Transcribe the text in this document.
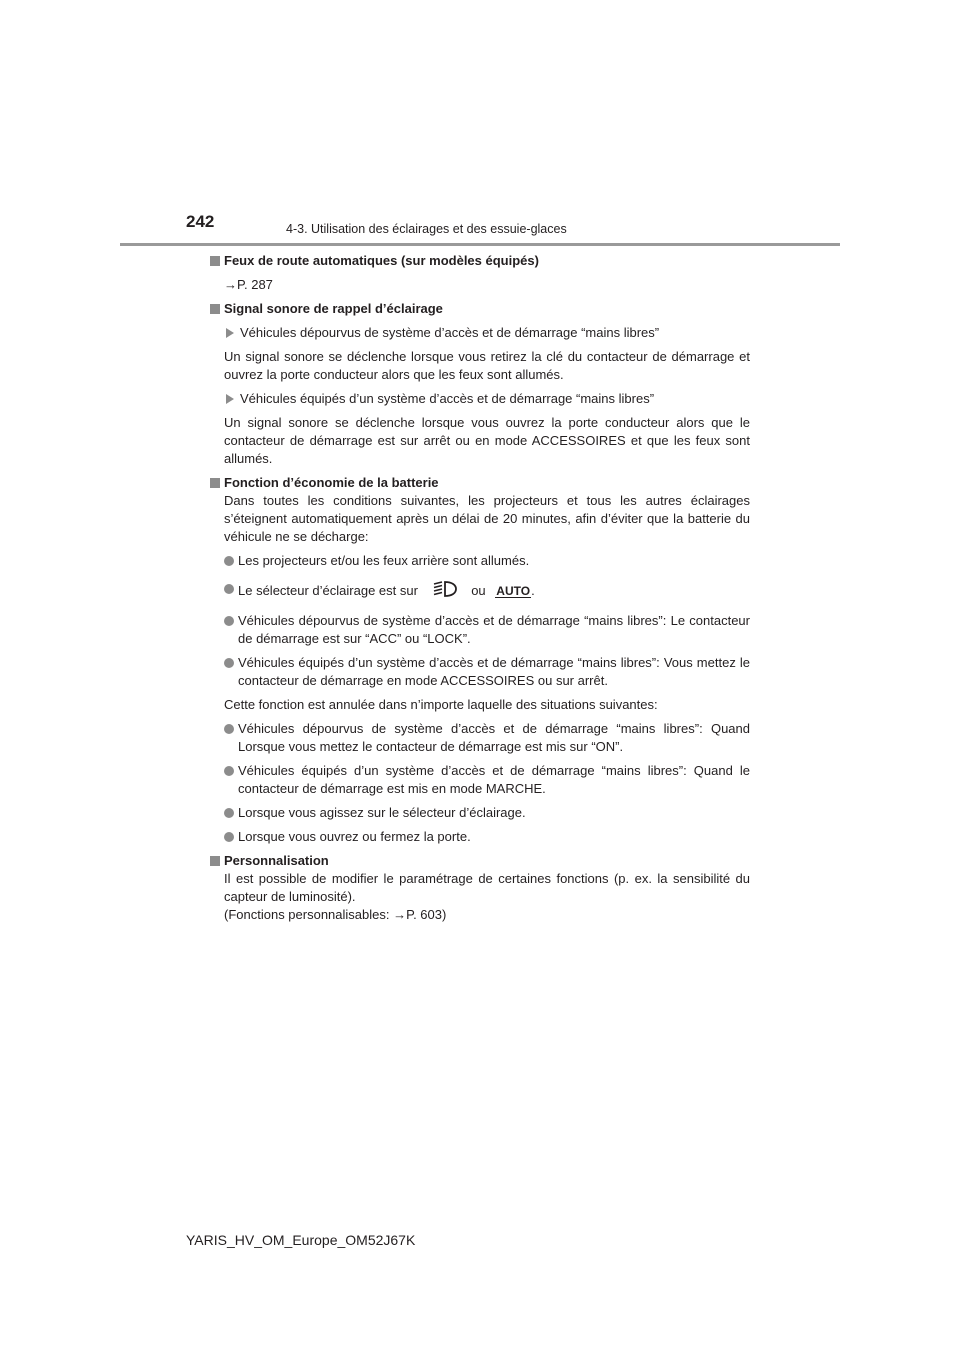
242	4-3. Utilisation des éclairages et des essuie-glaces
Feux de route automatiques (sur modèles équipés)

→P. 287

Signal sonore de rappel d’éclairage

Véhicules dépourvus de système d’accès et de démarrage “mains libres”

Un signal sonore se déclenche lorsque vous retirez la clé du contacteur de démarrage et ouvrez la porte conducteur alors que les feux sont allumés.

Véhicules équipés d’un système d’accès et de démarrage “mains libres”

Un signal sonore se déclenche lorsque vous ouvrez la porte conducteur alors que le contacteur de démarrage est sur arrêt ou en mode ACCESSOIRES et que les feux sont allumés.

Fonction d’économie de la batterie

Dans toutes les conditions suivantes, les projecteurs et tous les autres éclairages s’éteignent automatiquement après un délai de 20 minutes, afin d’éviter que la batterie du véhicule ne se décharge:

Les projecteurs et/ou les feux arrière sont allumés.

Le sélecteur d’éclairage est sur	ou AUTO.

Véhicules dépourvus de système d’accès et de démarrage “mains libres”: Le contacteur de démarrage est sur “ACC” ou “LOCK”.

Véhicules équipés d’un système d’accès et de démarrage “mains libres”: Vous mettez le contacteur de démarrage en mode ACCESSOIRES ou sur arrêt.

Cette fonction est annulée dans n’importe laquelle des situations suivantes:

Véhicules dépourvus de système d’accès et de démarrage “mains libres”: Quand Lorsque vous mettez le contacteur de démarrage est mis sur “ON”.

Véhicules équipés d’un système d’accès et de démarrage “mains libres”: Quand le contacteur de démarrage est mis en mode MARCHE.

Lorsque vous agissez sur le sélecteur d’éclairage.

Lorsque vous ouvrez ou fermez la porte.

Personnalisation

Il est possible de modifier le paramétrage de certaines fonctions (p. ex. la sensibilité du capteur de luminosité).

(Fonctions personnalisables: →P. 603)

YARIS_HV_OM_Europe_OM52J67K
